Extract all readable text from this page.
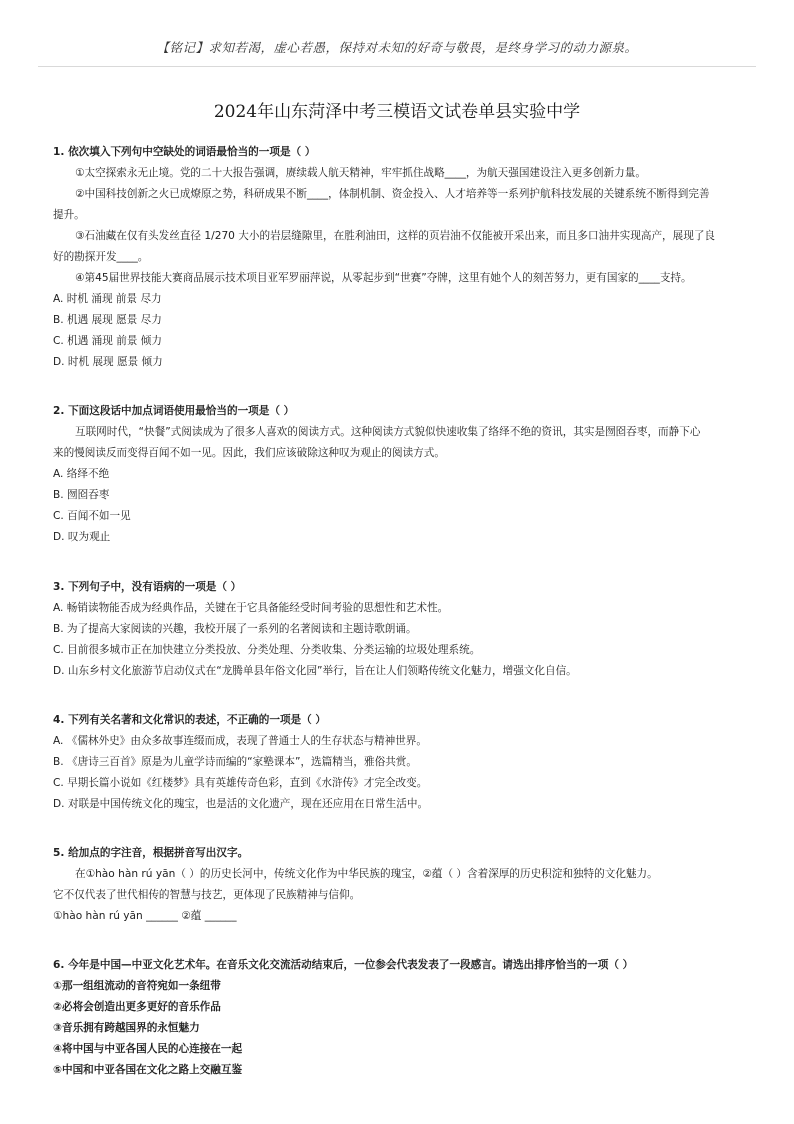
【铭记】求知若渴，虚心若愚，保持对未知的好奇与敬畏，是终身学习的动力源泉。
2024年山东菏泽中考三模语文试卷单县实验中学
1. 依次填入下列句中空缺处的词语最恰当的一项是（ ）
①太空探索永无止境。党的二十大报告强调，赓续载人航天精神，牢牢抓住战略____，为航天强国建设注入更多创新力量。
②中国科技创新之火已成燎原之势，科研成果不断____，体制机制、资金投入、人才培养等一系列护航科技发展的关键系统不断得到完善
提升。
③石油藏在仅有头发丝直径 1/270 大小的岩层缝隙里，在胜利油田，这样的页岩油不仅能被开采出来，而且多口油井实现高产，展现了良
好的勘探开发____。
④第45届世界技能大赛商品展示技术项目亚军罗丽萍说，从零起步到“世赛”夺牌，这里有她个人的刻苦努力，更有国家的____支持。
A. 时机 涌现 前景 尽力
B. 机遇 展现 愿景 尽力
C. 机遇 涌现 前景 倾力
D. 时机 展现 愿景 倾力
2. 下面这段话中加点词语使用最恰当的一项是（ ）
互联网时代，“快餐”式阅读成为了很多人喜欢的阅读方式。这种阅读方式貌似快速收集了络绎不绝的资讯，其实是囫囵吞枣，而静下心
来的慢阅读反而变得百闻不如一见。因此，我们应该破除这种叹为观止的阅读方式。
A. 络绎不绝
B. 囫囵吞枣
C. 百闻不如一见
D. 叹为观止
3. 下列句子中，没有语病的一项是（ ）
A. 畅销读物能否成为经典作品，关键在于它具备能经受时间考验的思想性和艺术性。
B. 为了提高大家阅读的兴趣，我校开展了一系列的名著阅读和主题诗歌朗诵。
C. 目前很多城市正在加快建立分类投放、分类处理、分类收集、分类运输的垃圾处理系统。
D. 山东乡村文化旅游节启动仪式在“龙腾单县年俗文化园”举行，旨在让人们领略传统文化魅力，增强文化自信。
4. 下列有关名著和文化常识的表述，不正确的一项是（ ）
A. 《儒林外史》由众多故事连缀而成，表现了普通士人的生存状态与精神世界。
B. 《唐诗三百首》原是为儿童学诗而编的“家塾课本”，选篇精当，雅俗共赏。
C. 早期长篇小说如《红楼梦》具有英雄传奇色彩，直到《水浒传》才完全改变。
D. 对联是中国传统文化的瑰宝，也是活的文化遗产，现在还应用在日常生活中。
5. 给加点的字注音，根据拼音写出汉字。
在①hào hàn rú yān（ ）的历史长河中，传统文化作为中华民族的瑰宝，②蕴（ ）含着深厚的历史积淀和独特的文化魅力。
它不仅代表了世代相传的智慧与技艺，更体现了民族精神与信仰。
①hào hàn rú yān ______ ②蕴 ______
6. 今年是中国—中亚文化艺术年。在音乐文化交流活动结束后，一位参会代表发表了一段感言。请选出排序恰当的一项（ ）
①那一组组流动的音符宛如一条纽带
②必将会创造出更多更好的音乐作品
③音乐拥有跨越国界的永恒魅力
④将中国与中亚各国人民的心连接在一起
⑤中国和中亚各国在文化之路上交融互鉴
